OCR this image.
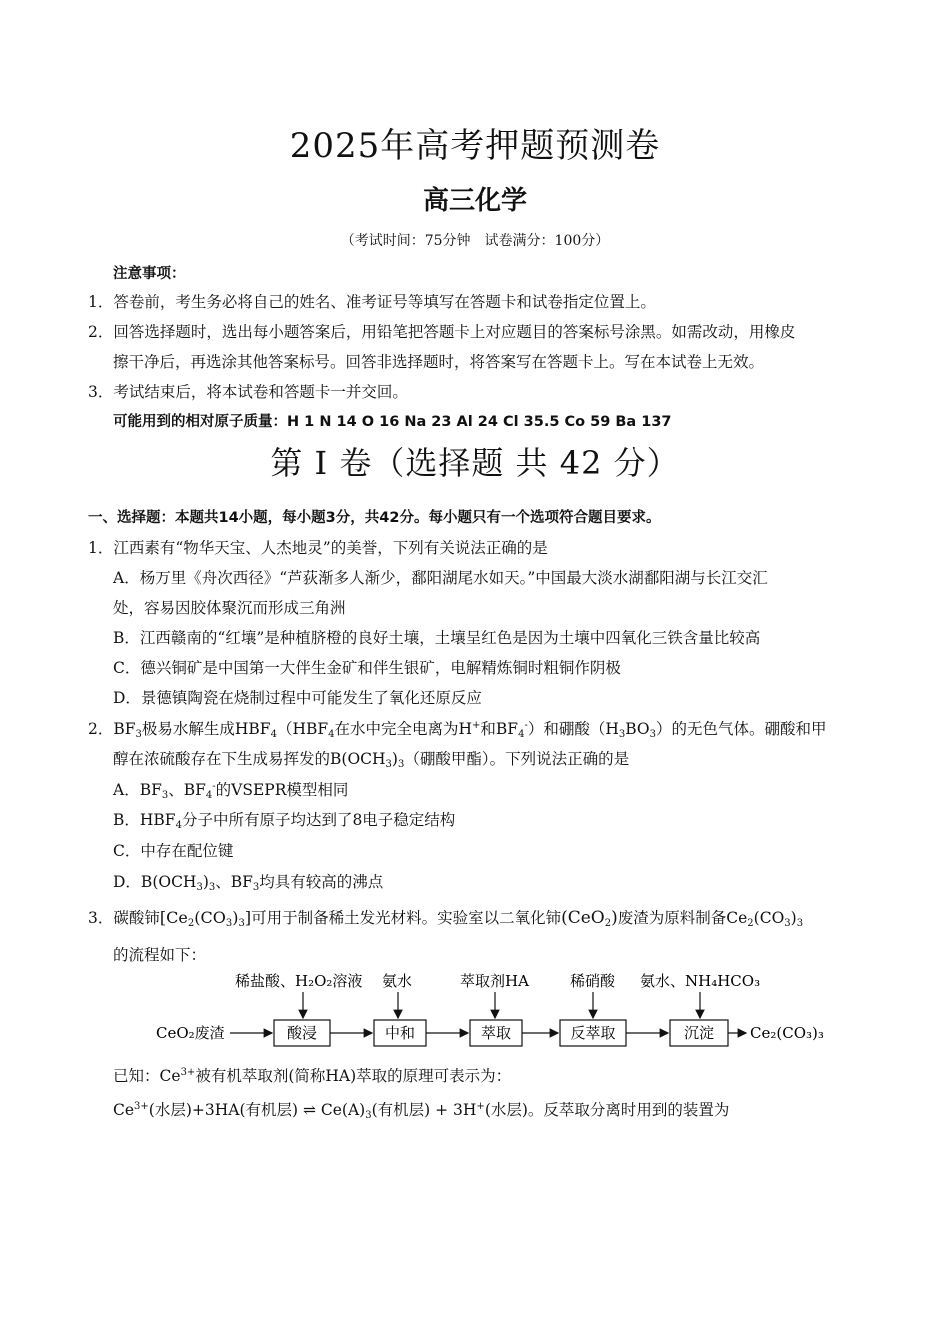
2025年高考押题预测卷
高三化学
（考试时间：75分钟　试卷满分：100分）
注意事项：
1．答卷前，考生务必将自己的姓名、准考证号等填写在答题卡和试卷指定位置上。
2．回答选择题时，选出每小题答案后，用铅笔把答题卡上对应题目的答案标号涂黑。如需改动，用橡皮
擦干净后，再选涂其他答案标号。回答非选择题时，将答案写在答题卡上。写在本试卷上无效。
3．考试结束后，将本试卷和答题卡一并交回。
可能用到的相对原子质量：H 1 N 14 O 16 Na 23 Al 24 Cl 35.5 Co 59 Ba 137
第 I 卷（选择题 共 42 分）
一、选择题：本题共14小题，每小题3分，共42分。每小题只有一个选项符合题目要求。
1．江西素有“物华天宝、人杰地灵”的美誉，下列有关说法正确的是
A．杨万里《舟次西径》“芦荻渐多人渐少，鄱阳湖尾水如天。”中国最大淡水湖鄱阳湖与长江交汇
处，容易因胶体聚沉而形成三角洲
B．江西赣南的“红壤”是种植脐橙的良好土壤，土壤呈红色是因为土壤中四氧化三铁含量比较高
C．德兴铜矿是中国第一大伴生金矿和伴生银矿，电解精炼铜时粗铜作阴极
D．景德镇陶瓷在烧制过程中可能发生了氧化还原反应
2．$BF_3$极易水解生成$HBF_4(HBF_4$在水中完全电离为H+和$BF_4^-$）和硼酸$(H_3BO_3)$的无色气体。硼酸和甲
醇在浓硫酸存在下生成易挥发的$B(OCH_3)_3$（硼酸甲酯）。下列说法正确的是
A．$BF_3$、$BF_4^-$的VSEPR模型相同
B．$HBF_4$分子中所有原子均达到了8电子稳定结构
C．中存在配位键
D．$B(OCH_3)_3$、$BF_3$均具有较高的沸点
3．碳酸铈$[Ce_2(CO_3)_3]$可用于制备稀土发光材料。实验室以二氧化铈(CeO$_2$)废渣为原料制备$Ce_2(CO_3)_3$
的流程如下：
稀盐酸、H₂O₂溶液 氨水	萃取剂HA	稀硝酸 氨水、NH₄HCO₃
CeO₂废渣	酸浸	中和	萃取	反萃取	沉淀 Ce₂(CO₃)₃
已知：$Ce^{3+}$被有机萃取剂(简称HA)萃取的原理可表示为：
$Ce^{3+}$(水层)+3HA(有机层) ⇌ $Ce(A)_3$(有机层) + 3H+(水层)。反萃取分离时用到的装置为
